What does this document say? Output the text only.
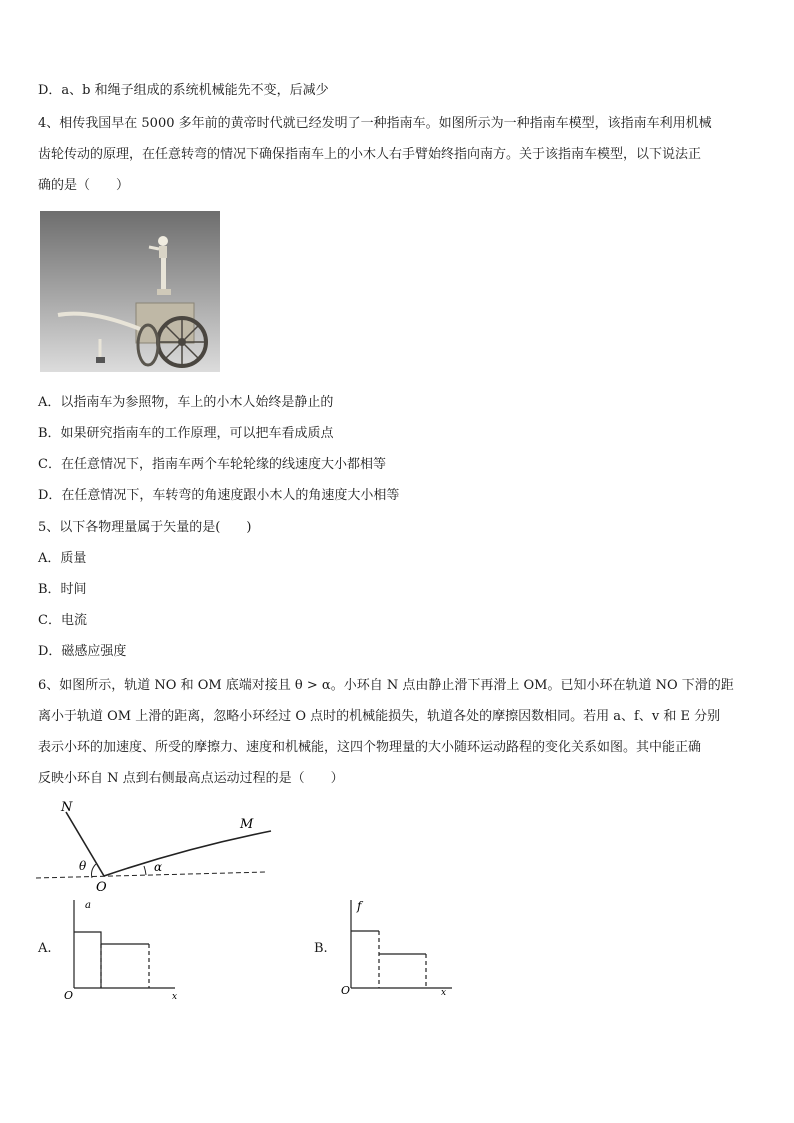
D．a、b 和绳子组成的系统机械能先不变，后减少
4、相传我国早在 5000 多年前的黄帝时代就已经发明了一种指南车。如图所示为一种指南车模型，该指南车利用机械
齿轮传动的原理，在任意转弯的情况下确保指南车上的小木人右手臂始终指向南方。关于该指南车模型，以下说法正
确的是（　　）
A．以指南车为参照物，车上的小木人始终是静止的
B．如果研究指南车的工作原理，可以把车看成质点
C．在任意情况下，指南车两个车轮轮缘的线速度大小都相等
D．在任意情况下，车转弯的角速度跟小木人的角速度大小相等
5、以下各物理量属于矢量的是(　　)
A．质量
B．时间
C．电流
D．磁感应强度
6、如图所示，轨道 NO 和 OM 底端对接且 θ > α。小环自 N 点由静止滑下再滑上 OM。已知小环在轨道 NO 下滑的距
离小于轨道 OM 上滑的距离，忽略小环经过 O 点时的机械能损失，轨道各处的摩擦因数相同。若用 a、f、v 和 E 分别
表示小环的加速度、所受的摩擦力、速度和机械能，这四个物理量的大小随环运动路程的变化关系如图。其中能正确
反映小环自 N 点到右侧最高点运动过程的是（　　）
N
M
O
θ	α
A.
a
x
O
B.
f
x
O
